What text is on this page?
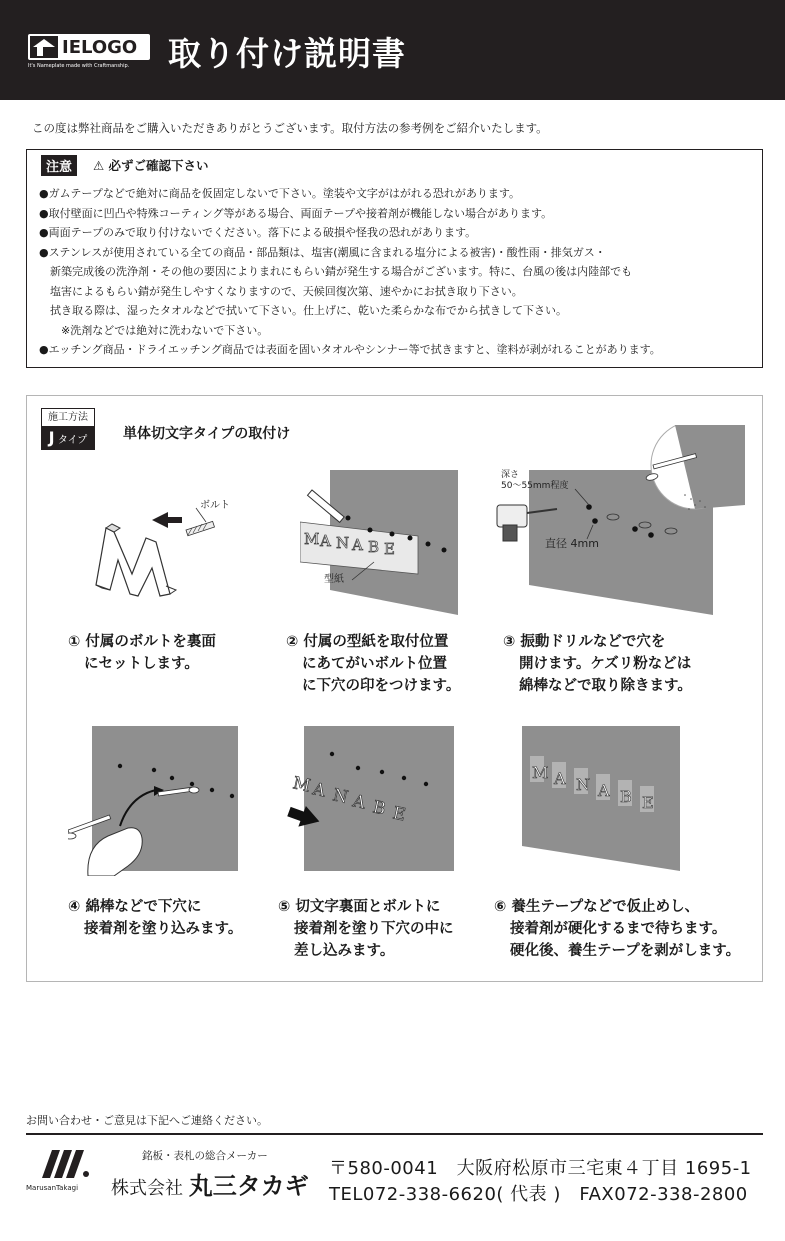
IELOGO
It's Nameplate made with Craftmanship. 取り付け説明書
この度は弊社商品をご購入いただきありがとうございます。取付方法の参考例をご紹介いたします。
注意	⚠ 必ずご確認下さい
●ガムテープなどで絶対に商品を仮固定しないで下さい。塗装や文字がはがれる恐れがあります。
●取付壁面に凹凸や特殊コーティング等がある場合、両面テープや接着剤が機能しない場合があります。
●両面テープのみで取り付けないでください。落下による破損や怪我の恐れがあります。
●ステンレスが使用されている全ての商品・部品類は、塩害(潮風に含まれる塩分による被害)・酸性雨・排気ガス・
　新築完成後の洗浄剤・その他の要因によりまれにもらい錆が発生する場合がございます。特に、台風の後は内陸部でも
　塩害によるもらい錆が発生しやすくなりますので、天候回復次第、速やかにお拭き取り下さい。
　拭き取る際は、湿ったタオルなどで拭いて下さい。仕上げに、乾いた柔らかな布でから拭きして下さい。
　　※洗剤などでは絶対に洗わないで下さい。
●エッチング商品・ドライエッチング商品では表面を固いタオルやシンナー等で拭きますと、塗料が剥がれることがあります。
施工方法
J タイプ	単体切文字タイプの取付け
ボルト
M A N A B E
型紙
深さ
50～55mm程度
直径 4mm
① 付属のボルトを裏面
にセットします。
② 付属の型紙を取付位置
にあてがいボルト位置
に下穴の印をつけます。
③ 振動ドリルなどで穴を
開けます。ケズリ粉などは
綿棒などで取り除きます。
M
A N A B E
M A N A B E
④ 綿棒などで下穴に
接着剤を塗り込みます。
⑤ 切文字裏面とボルトに
接着剤を塗り下穴の中に
差し込みます。
⑥ 養生テープなどで仮止めし、
接着剤が硬化するまで待ちます。
硬化後、養生テープを剥がします。
お問い合わせ・ご意見は下記へご連絡ください。
MarusanTakagi
銘板・表札の総合メーカー
株式会社 丸三タカギ
〒580-0041　大阪府松原市三宅東４丁目 1695-1
TEL072-338-6620( 代表 )　FAX072-338-2800
